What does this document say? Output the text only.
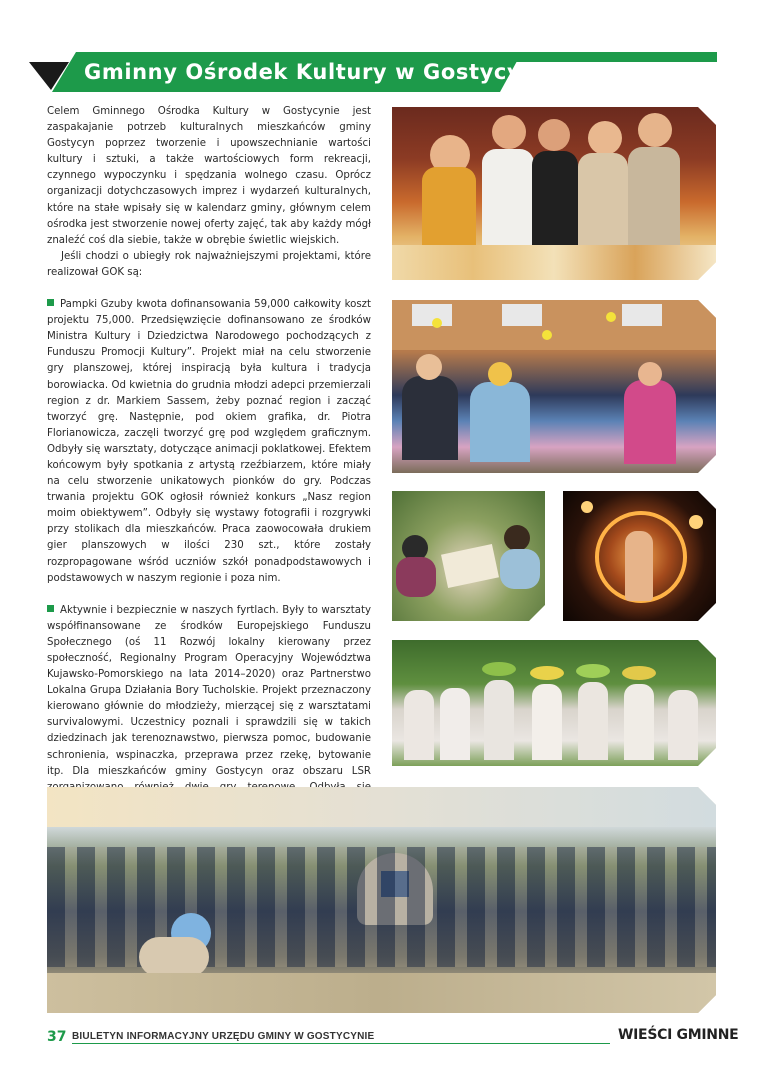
Gminny Ośrodek Kultury w Gostycynie

Celem Gminnego Ośrodka Kultury w Gostycynie jest zaspakajanie potrzeb kulturalnych mieszkańców gminy Gostycyn poprzez tworzenie i upowszechnianie wartości kultury i sztuki, a także wartościowych form rekreacji, czynnego wypoczynku i spędzania wolnego czasu. Oprócz organizacji dotychczasowych imprez i wydarzeń kulturalnych, które na stałe wpisały się w kalendarz gminy, głównym celem ośrodka jest stworzenie nowej oferty zajęć, tak aby każdy mógł znaleźć coś dla siebie, także w obrębie świetlic wiejskich.

Jeśli chodzi o ubiegły rok najważniejszymi projektami, które realizował GOK są:

Pampki Gzuby kwota dofinansowania 59,000 całkowity koszt projektu 75,000. Przedsięwzięcie dofinansowano ze środków Ministra Kultury i Dziedzictwa Narodowego pochodzących z Funduszu Promocji Kultury”. Projekt miał na celu stworzenie gry planszowej, której inspiracją była kultura i tradycja borowiacka. Od kwietnia do grudnia młodzi adepci przemierzali region z dr. Markiem Sassem, żeby poznać region i zacząć tworzyć grę. Następnie, pod okiem grafika, dr. Piotra Florianowicza, zaczęli tworzyć grę pod względem graficznym. Odbyły się warsztaty, dotyczące animacji poklatkowej. Efektem końcowym były spotkania z artystą rzeźbiarzem, które miały na celu stworzenie unikatowych pionków do gry. Podczas trwania projektu GOK ogłosił również konkurs „Nasz region moim obiektywem”. Odbyły się wystawy fotografii i rozgrywki przy stolikach dla mieszkańców. Praca zaowocowała drukiem gier planszowych w ilości 230 szt., które zostały rozpropagowane wśród uczniów szkół ponadpodstawowych i podstawowych w naszym regionie i poza nim.

Aktywnie i bezpiecznie w naszych fyrtlach. Były to warsztaty współfinansowane ze środków Europejskiego Funduszu Społecznego (oś 11 Rozwój lokalny kierowany przez społeczność, Regionalny Program Operacyjny Województwa Kujawsko-Pomorskiego na lata 2014–2020) oraz Partnerstwo Lokalna Grupa Działania Bory Tucholskie. Projekt przeznaczony kierowano głównie do młodzieży, mierzącej się z warsztatami survivalowymi. Uczestnicy poznali i sprawdzili się w takich dziedzinach jak terenoznawstwo, pierwsza pomoc, budowanie schronienia, wspinaczka, przeprawa przez rzekę, bytowanie itp. Dla mieszkańców gminy Gostycyn oraz obszaru LSR

37 BIULETYN INFORMACYJNY URZĘDU GMINY W GOSTYCYNIE	WIEŚCI GMINNE
